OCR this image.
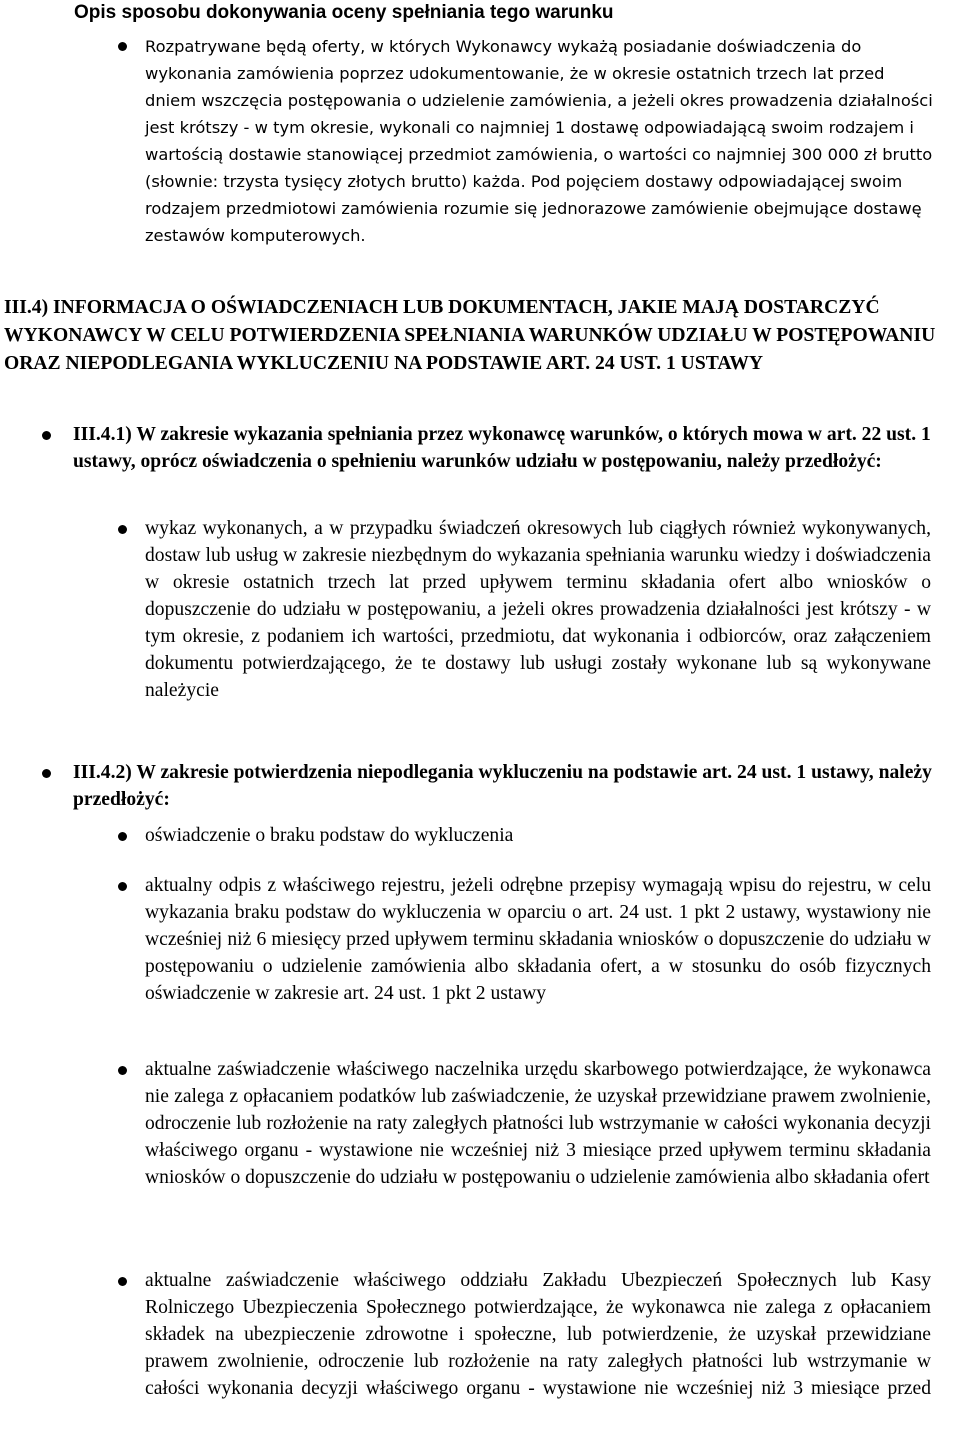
Opis sposobu dokonywania oceny spełniania tego warunku

Rozpatrywane będą oferty, w których Wykonawcy wykażą posiadanie doświadczenia do wykonania zamówienia poprzez udokumentowanie, że w okresie ostatnich trzech lat przed dniem wszczęcia postępowania o udzielenie zamówienia, a jeżeli okres prowadzenia działalności jest krótszy - w tym okresie, wykonali co najmniej 1 dostawę odpowiadającą swoim rodzajem i wartością dostawie stanowiącej przedmiot zamówienia, o wartości co najmniej 300 000 zł brutto (słownie: trzysta tysięcy złotych brutto) każda. Pod pojęciem dostawy odpowiadającej swoim rodzajem przedmiotowi zamówienia rozumie się jednorazowe zamówienie obejmujące dostawę zestawów komputerowych.

III.4) INFORMACJA O OŚWIADCZENIACH LUB DOKUMENTACH, JAKIE MAJĄ DOSTARCZYĆ WYKONAWCY W CELU POTWIERDZENIA SPEŁNIANIA WARUNKÓW UDZIAŁU W POSTĘPOWANIU ORAZ NIEPODLEGANIA WYKLUCZENIU NA PODSTAWIE ART. 24 UST. 1 USTAWY

III.4.1) W zakresie wykazania spełniania przez wykonawcę warunków, o których mowa w art. 22 ust. 1 ustawy, oprócz oświadczenia o spełnieniu warunków udziału w postępowaniu, należy przedłożyć:

wykaz wykonanych, a w przypadku świadczeń okresowych lub ciągłych również wykonywanych, dostaw lub usług w zakresie niezbędnym do wykazania spełniania warunku wiedzy i doświadczenia w okresie ostatnich trzech lat przed upływem terminu składania ofert albo wniosków o dopuszczenie do udziału w postępowaniu, a jeżeli okres prowadzenia działalności jest krótszy - w tym okresie, z podaniem ich wartości, przedmiotu, dat wykonania i odbiorców, oraz załączeniem dokumentu potwierdzającego, że te dostawy lub usługi zostały wykonane lub są wykonywane należycie

III.4.2) W zakresie potwierdzenia niepodlegania wykluczeniu na podstawie art. 24 ust. 1 ustawy, należy przedłożyć:

oświadczenie o braku podstaw do wykluczenia

aktualny odpis z właściwego rejestru, jeżeli odrębne przepisy wymagają wpisu do rejestru, w celu wykazania braku podstaw do wykluczenia w oparciu o art. 24 ust. 1 pkt 2 ustawy, wystawiony nie wcześniej niż 6 miesięcy przed upływem terminu składania wniosków o dopuszczenie do udziału w postępowaniu o udzielenie zamówienia albo składania ofert, a w stosunku do osób fizycznych oświadczenie w zakresie art. 24 ust. 1 pkt 2 ustawy

aktualne zaświadczenie właściwego naczelnika urzędu skarbowego potwierdzające, że wykonawca nie zalega z opłacaniem podatków lub zaświadczenie, że uzyskał przewidziane prawem zwolnienie, odroczenie lub rozłożenie na raty zaległych płatności lub wstrzymanie w całości wykonania decyzji właściwego organu - wystawione nie wcześniej niż 3 miesiące przed upływem terminu składania wniosków o dopuszczenie do udziału w postępowaniu o udzielenie zamówienia albo składania ofert

aktualne zaświadczenie właściwego oddziału Zakładu Ubezpieczeń Społecznych lub Kasy Rolniczego Ubezpieczenia Społecznego potwierdzające, że wykonawca nie zalega z opłacaniem składek na ubezpieczenie zdrowotne i społeczne, lub potwierdzenie, że uzyskał przewidziane prawem zwolnienie, odroczenie lub rozłożenie na raty zaległych płatności lub wstrzymanie w całości wykonania decyzji właściwego organu - wystawione nie wcześniej niż 3 miesiące przed
